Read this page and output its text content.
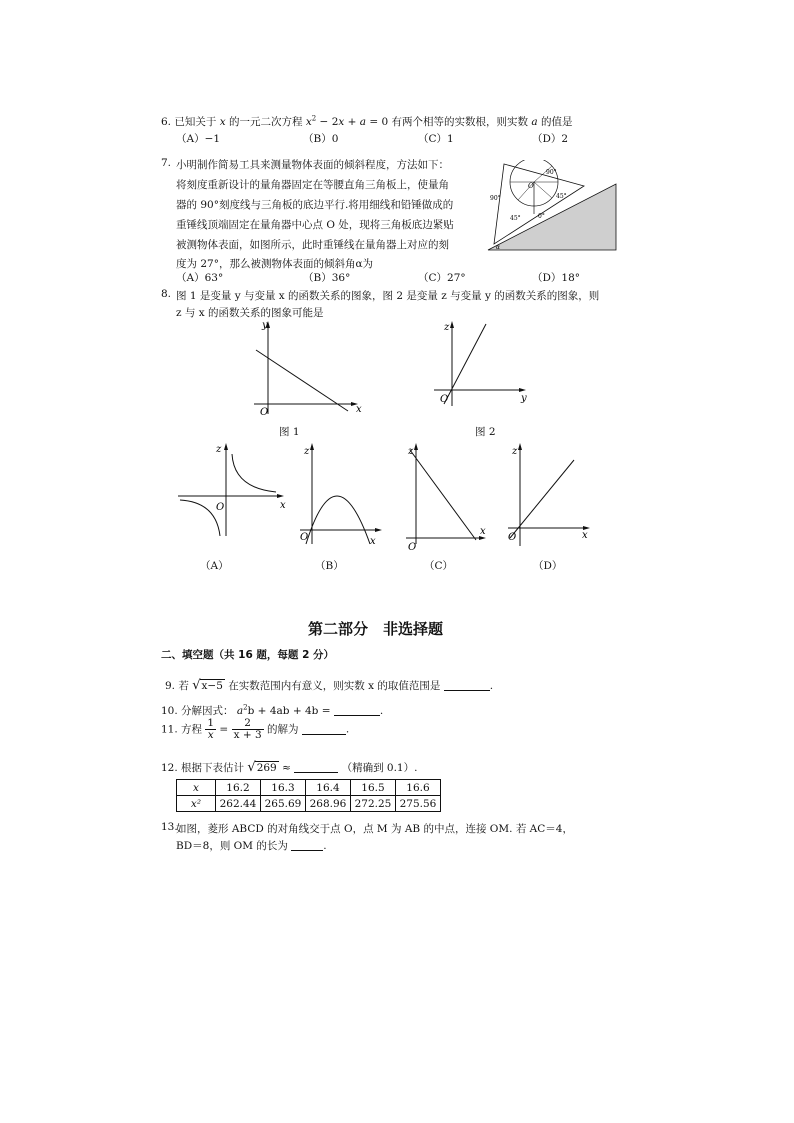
6. 已知关于 x 的一元二次方程 $x^2 - 2x + a = 0$ 有两个相等的实数根，则实数 a 的值是
（A）−1	（B）0	（C）1	（D）2
7. 小明制作简易工具来测量物体表面的倾斜程度，方法如下：
将刻度重新设计的量角器固定在等腰直角三角板上，使量角
器的 90°刻度线与三角板的底边平行.将用细线和铅锤做成的
重锤线顶端固定在量角器中心点 O 处，现将三角板底边紧贴
被测物体表面，如图所示，此时重锤线在量角器上对应的刻
度为 27°，那么被测物体表面的倾斜角α为
（A）63°	（B）36°	（C）27°	（D）18°
90°
O
90°	45°
45°	0°
α
8. 图 1 是变量 y 与变量 x 的函数关系的图象，图 2 是变量 z 与变量 y 的函数关系的图象，则
z 与 x 的函数关系的图象可能是
y
x
O
图 1
z
y
O
图 2
z
x
O
（A）
z
x
O
（B）
z
x
O
（C）
z
x
O
（D）
第二部分　非选择题
二、填空题（共 16 题，每题 2 分）
9. 若 √x−5 在实数范围内有意义，则实数 x 的取值范围是	.
10. 分解因式： $a^2b + 4ab + 4b$ =	.
11. 方程 $\frac{1}{x} = \frac{2}{x + 3}$ 的解为	.
12. 根据下表估计 √269 ≈	（精确到 0.1）.
x	16.2	16.3	16.4	16.5	16.6
x²	262.44	265.69	268.96	272.25	275.56
13.
如图，菱形 ABCD 的对角线交于点 O，点 M 为 AB 的中点，连接 OM. 若 AC＝4，
BD＝8，则 OM 的长为	.
